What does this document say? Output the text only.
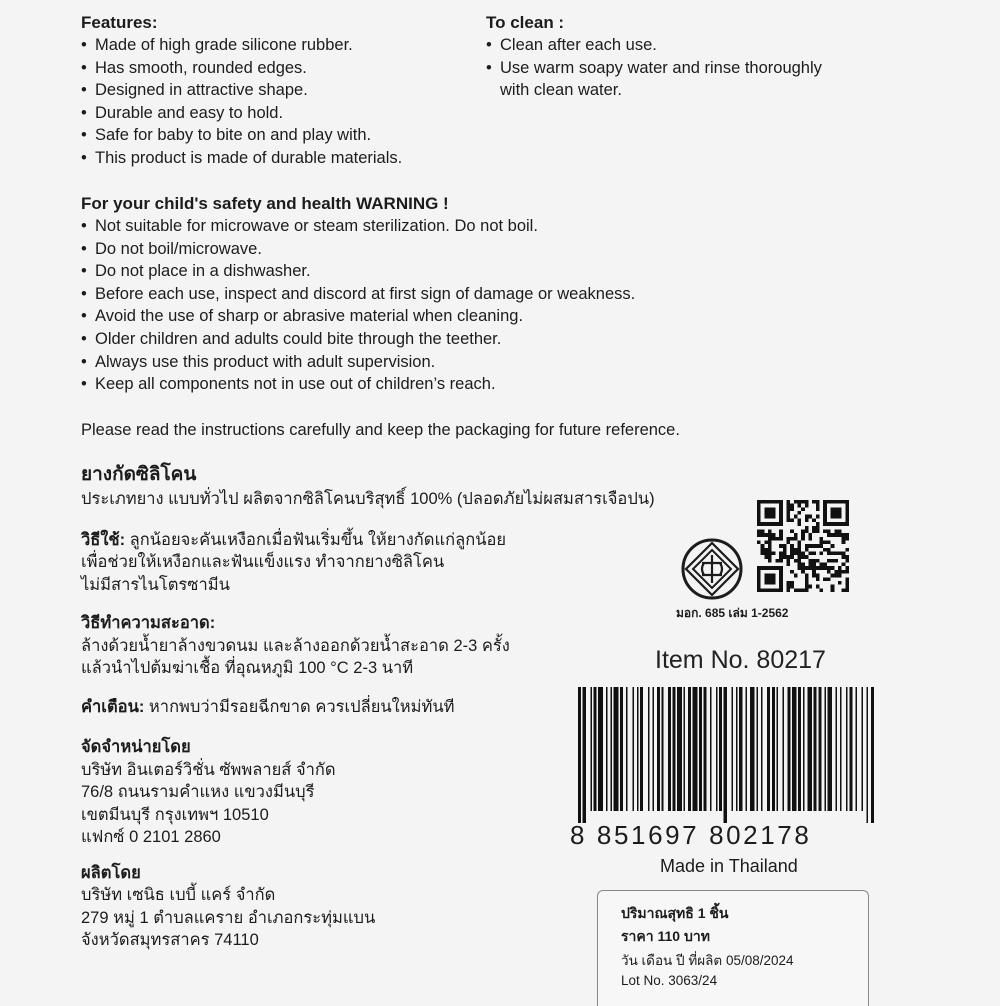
Features:
• Made of high grade silicone rubber.
• Has smooth, rounded edges.
• Designed in attractive shape.
• Durable and easy to hold.
• Safe for baby to bite on and play with.
• This product is made of durable materials.
To clean :
• Clean after each use.
• Use warm soapy water and rinse thoroughly
with clean water.
For your child's safety and health WARNING !
• Not suitable for microwave or steam sterilization. Do not boil.
• Do not boil/microwave.
• Do not place in a dishwasher.
• Before each use, inspect and discord at first sign of damage or weakness.
• Avoid the use of sharp or abrasive material when cleaning.
• Older children and adults could bite through the teether.
• Always use this product with adult supervision.
• Keep all components not in use out of children’s reach.
Please read the instructions carefully and keep the packaging for future reference.
ยางกัดซิลิโคน
ประเภทยาง แบบทั่วไป ผลิตจากซิลิโคนบริสุทธิ์ 100% (ปลอดภัยไม่ผสมสารเจือปน)
วิธีใช้: ลูกน้อยจะคันเหงือกเมื่อฟันเริ่มขึ้น ให้ยางกัดแก่ลูกน้อย
เพื่อช่วยให้เหงือกและฟันแข็งแรง ทำจากยางซิลิโคน
ไม่มีสารไนโตรซามีน
วิธีทำความสะอาด:
ล้างด้วยน้ำยาล้างขวดนม และล้างออกด้วยน้ำสะอาด 2-3 ครั้ง
แล้วนำไปต้มฆ่าเชื้อ ที่อุณหภูมิ 100 °C 2-3 นาที
คำเตือน: หากพบว่ามีรอยฉีกขาด ควรเปลี่ยนใหม่ทันที
จัดจำหน่ายโดย
บริษัท อินเตอร์วิชั่น ซัพพลายส์ จำกัด
76/8 ถนนรามคำแหง แขวงมีนบุรี
เขตมีนบุรี กรุงเทพฯ 10510
แฟกซ์ 0 2101 2860
ผลิตโดย
บริษัท เซนิธ เบบี้ แคร์ จำกัด
279 หมู่ 1 ตำบลแคราย อำเภอกระทุ่มแบน
จังหวัดสมุทรสาคร 74110
มอก. 685 เล่ม 1-2562
Item No. 80217
8 851697 802178
Made in Thailand
ปริมาณสุทธิ 1 ชิ้น
ราคา 110 บาท
วัน เดือน ปี ที่ผลิต 05/08/2024
Lot No. 3063/24
